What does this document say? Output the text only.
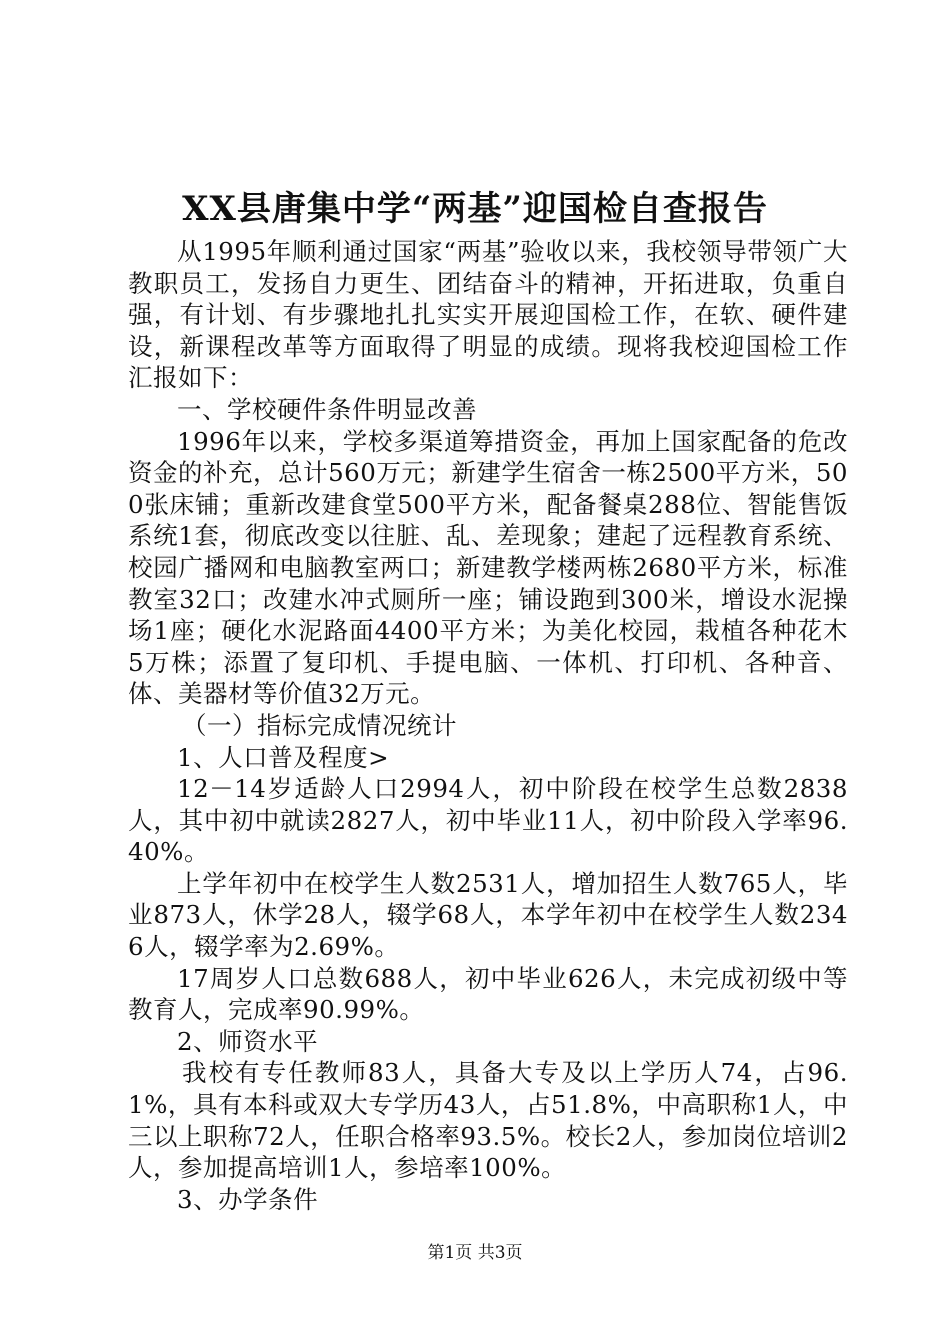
XX县唐集中学“两基”迎国检自查报告

从1995年顺利通过国家“两基”验收以来，我校领导带领广大教职员工，发扬自力更生、团结奋斗的精神，开拓进取，负重自强，有计划、有步骤地扎扎实实开展迎国检工作，在软、硬件建设，新课程改革等方面取得了明显的成绩。现将我校迎国检工作汇报如下：

一、学校硬件条件明显改善

1996年以来，学校多渠道筹措资金，再加上国家配备的危改资金的补充，总计560万元；新建学生宿舍一栋2500平方米，500张床铺；重新改建食堂500平方米，配备餐桌288位、智能售饭系统1套，彻底改变以往脏、乱、差现象；建起了远程教育系统、校园广播网和电脑教室两口；新建教学楼两栋2680平方米，标准教室32口；改建水冲式厕所一座；铺设跑到300米，增设水泥操场1座；硬化水泥路面4400平方米；为美化校园，栽植各种花木5万株；添置了复印机、手提电脑、一体机、打印机、各种音、体、美器材等价值32万元。

（一）指标完成情况统计

1、人口普及程度>

12－14岁适龄人口2994人，初中阶段在校学生总数2838人，其中初中就读2827人，初中毕业11人，初中阶段入学率96.40%。

上学年初中在校学生人数2531人，增加招生人数765人，毕业873人，休学28人，辍学68人，本学年初中在校学生人数2346人，辍学率为2.69%。

17周岁人口总数688人，初中毕业626人，未完成初级中等教育人，完成率90.99%。

2、师资水平

我校有专任教师83人，具备大专及以上学历人74，占96.1%，具有本科或双大专学历43人，占51.8%，中高职称1人，中三以上职称72人，任职合格率93.5%。校长2人，参加岗位培训2人，参加提高培训1人，参培率100%。

3、办学条件

第1页 共3页
